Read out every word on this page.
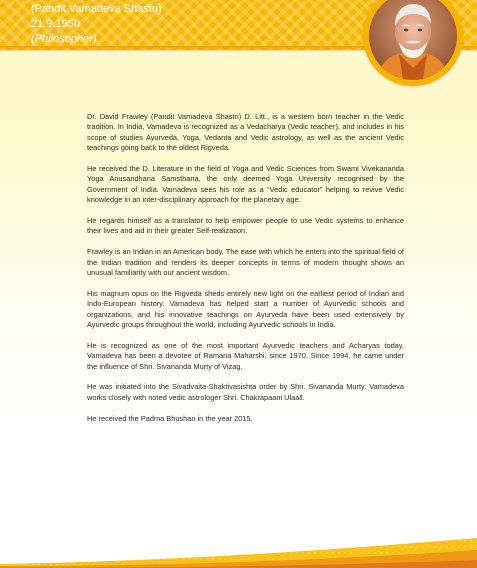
(Pandit Vamadeva Shastri)
21.9.1950
(Philosopher)

Dr. David Frawley (Pandit Vamadeva Shastri) D. Litt., is a western born teacher in the Vedic tradition. In India, Vamadeva is recognized as a Vedacharya (Vedic teacher), and includes in his scope of studies Ayurveda, Yoga, Vedanta and Vedic astrology, as well as the ancient Vedic teachings going back to the oldest Rigveda.

He received the D. Literature in the field of Yoga and Vedic Sciences from Swami Vivekananda Yoga Anusandhana Samsthana, the only deemed Yoga University recognised by the Government of India. Vamadeva sees his role as a “Vedic educator” helping to revive Vedic knowledge in an inter-disciplinary approach for the planetary age.

He regards himself as a translator to help empower people to use Vedic systems to enhance their lives and aid in their greater Self-realization.

Frawley is an Indian in an American body. The ease with which he enters into the spiritual field of the Indian tradition and renders its deeper concepts in terms of modern thought shows an unusual familiarity with our ancient wisdom.

His magnum opus on the Rigveda sheds entirely new light on the earliest period of Indian and Indo-European history. Vamadeva has helped start a number of Ayurvedic schools and organizations, and his innovative teachings on Ayurveda have been used extensively by Ayurvedic groups throughout the world, including Ayurvedic schools in India.

He is recognized as one of the most important Ayurvedic teachers and Acharyas today. Vamadeva has been a devotee of Ramana Maharshi, since 1970. Since 1994, he came under the influence of Shri. Sivananda Murty of Vizag.

He was initiated into the Sivadvaita-Shaktivasishta order by Shri. Sivananda Murty. Vamadeva works closely with noted vedic astrologer Shri. Chakrapaani Ulaall.

He received the Padma Bhushan in the year 2015.
